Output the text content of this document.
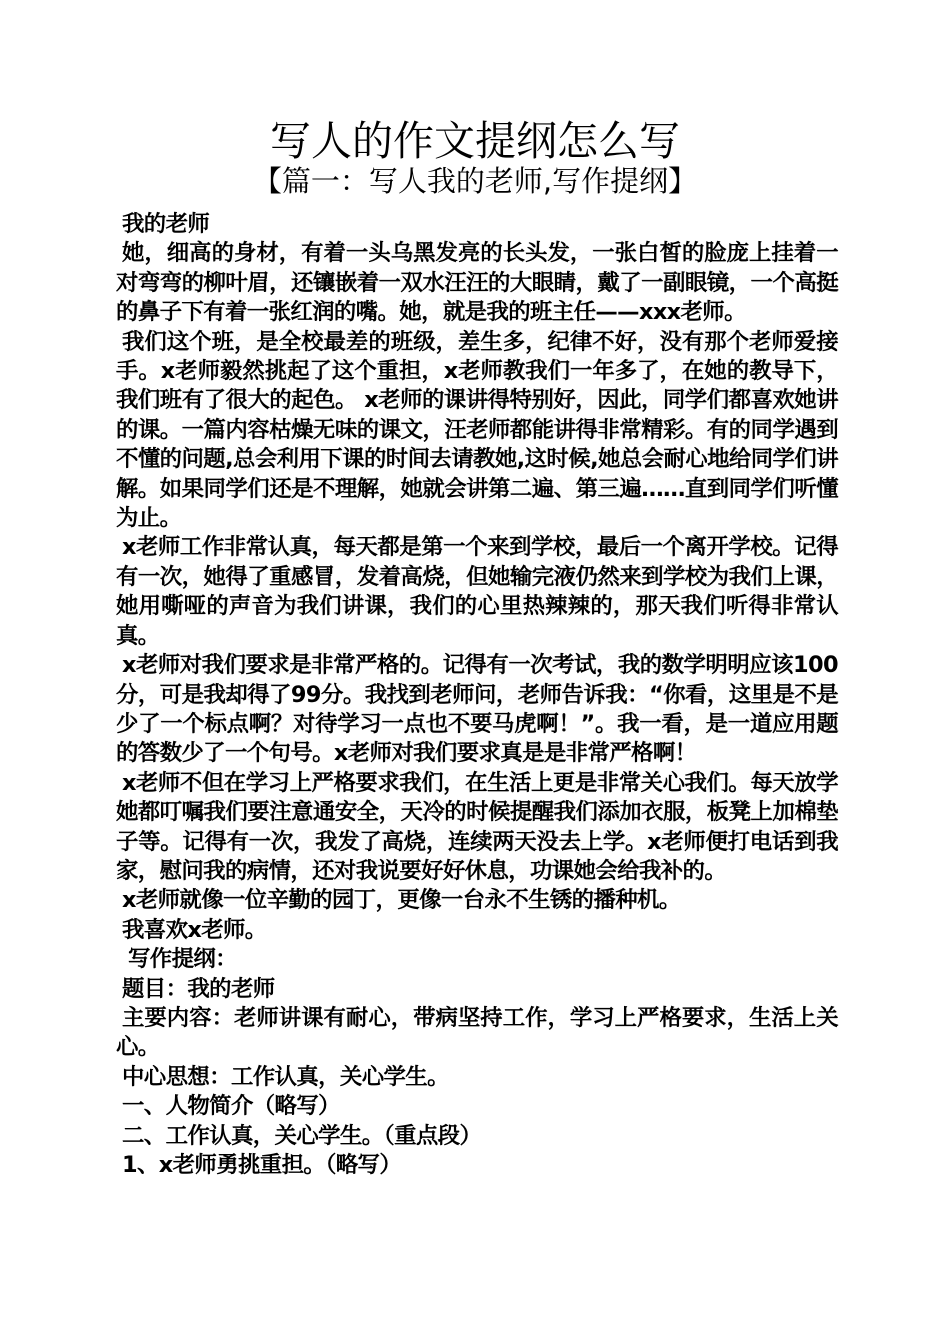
写人的作文提纲怎么写
【篇一：写人我的老师,写作提纲】

我的老师

她，细高的身材，有着一头乌黑发亮的长头发，一张白皙的脸庞上挂着一对弯弯的柳叶眉，还镶嵌着一双水汪汪的大眼睛，戴了一副眼镜，一个高挺的鼻子下有着一张红润的嘴。她，就是我的班主任——xxx老师。

我们这个班，是全校最差的班级，差生多，纪律不好，没有那个老师爱接手。x老师毅然挑起了这个重担，x老师教我们一年多了，在她的教导下，我们班有了很大的起色。 x老师的课讲得特别好，因此，同学们都喜欢她讲的课。一篇内容枯燥无味的课文，汪老师都能讲得非常精彩。有的同学遇到不懂的问题,总会利用下课的时间去请教她,这时候,她总会耐心地给同学们讲解。如果同学们还是不理解，她就会讲第二遍、第三遍……直到同学们听懂为止。

x老师工作非常认真，每天都是第一个来到学校，最后一个离开学校。记得有一次，她得了重感冒，发着高烧，但她输完液仍然来到学校为我们上课，她用嘶哑的声音为我们讲课，我们的心里热辣辣的，那天我们听得非常认真。

x老师对我们要求是非常严格的。记得有一次考试，我的数学明明应该100分，可是我却得了99分。我找到老师问，老师告诉我：“你看，这里是不是少了一个标点啊？对待学习一点也不要马虎啊！”。我一看，是一道应用题的答数少了一个句号。x老师对我们要求真是是非常严格啊！

x老师不但在学习上严格要求我们，在生活上更是非常关心我们。每天放学她都叮嘱我们要注意通安全，天冷的时候提醒我们添加衣服，板凳上加棉垫子等。记得有一次，我发了高烧，连续两天没去上学。x老师便打电话到我家，慰问我的病情，还对我说要好好休息，功课她会给我补的。

x老师就像一位辛勤的园丁，更像一台永不生锈的播种机。

我喜欢x老师。

写作提纲：

题目：我的老师

主要内容：老师讲课有耐心，带病坚持工作，学习上严格要求，生活上关心。

中心思想：工作认真，关心学生。

一、人物简介（略写）

二、工作认真，关心学生。（重点段）

1、x老师勇挑重担。（略写）
